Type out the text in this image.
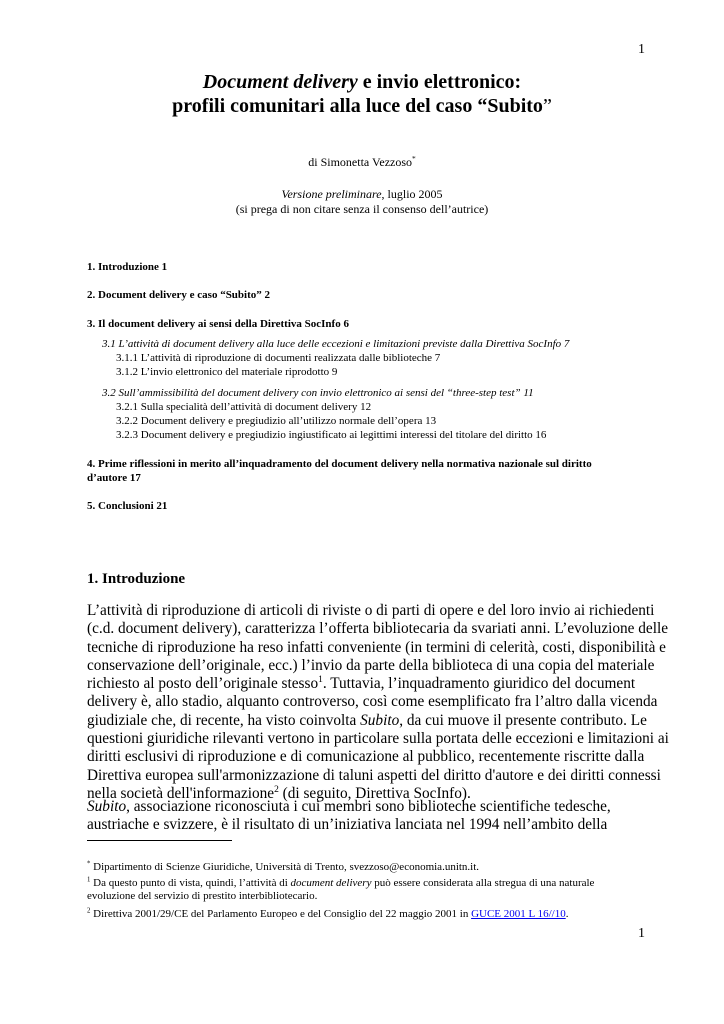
1
Document delivery e invio elettronico:
profili comunitari alla luce del caso “Subito”
di Simonetta Vezzoso*
Versione preliminare, luglio 2005
(si prega di non citare senza il consenso dell’autrice)
1. Introduzione 1
2. Document delivery e caso “Subito” 2
3. Il document delivery ai sensi della Direttiva SocInfo 6
3.1 L’attività di document delivery alla luce delle eccezioni e limitazioni previste dalla Direttiva SocInfo 7
3.1.1 L’attività di riproduzione di documenti realizzata dalle biblioteche 7
3.1.2 L’invio elettronico del materiale riprodotto 9
3.2 Sull’ammissibilità del document delivery con invio elettronico ai sensi del “three-step test” 11
3.2.1 Sulla specialità dell’attività di document delivery 12
3.2.2 Document delivery e pregiudizio all’utilizzo normale dell’opera 13
3.2.3 Document delivery e pregiudizio ingiustificato ai legittimi interessi del titolare del diritto 16
4. Prime riflessioni in merito all’inquadramento del document delivery nella normativa nazionale sul diritto
d’autore 17
5. Conclusioni 21
1. Introduzione
L’attività di riproduzione di articoli di riviste o di parti di opere e del loro invio ai richiedenti
(c.d. document delivery), caratterizza l’offerta bibliotecaria da svariati anni. L’evoluzione delle
tecniche di riproduzione ha reso infatti conveniente (in termini di celerità, costi, disponibilità e
conservazione dell’originale, ecc.) l’invio da parte della biblioteca di una copia del materiale
richiesto al posto dell’originale stesso$^1$. Tuttavia, l’inquadramento giuridico del document
delivery è, allo stadio, alquanto controverso, così come esemplificato fra l’altro dalla vicenda
giudiziale che, di recente, ha visto coinvolta Subito, da cui muove il presente contributo. Le
questioni giuridiche rilevanti vertono in particolare sulla portata delle eccezioni e limitazioni ai
diritti esclusivi di riproduzione e di comunicazione al pubblico, recentemente riscritte dalla
Direttiva europea sull'armonizzazione di taluni aspetti del diritto d'autore e dei diritti connessi
nella società dell'informazione$^2$ (di seguito, Direttiva SocInfo).
Subito, associazione riconosciuta i cui membri sono biblioteche scientifiche tedesche,
austriache e svizzere, è il risultato di un’iniziativa lanciata nel 1994 nell’ambito della
* Dipartimento di Scienze Giuridiche, Università di Trento, svezzoso@economia.unitn.it.
$^1$ Da questo punto di vista, quindi, l’attività di document delivery può essere considerata alla stregua di una naturale
evoluzione del servizio di prestito interbibliotecario.
$^2$ Direttiva 2001/29/CE del Parlamento Europeo e del Consiglio del 22 maggio 2001 in GUCE 2001 L 16//10.
1
